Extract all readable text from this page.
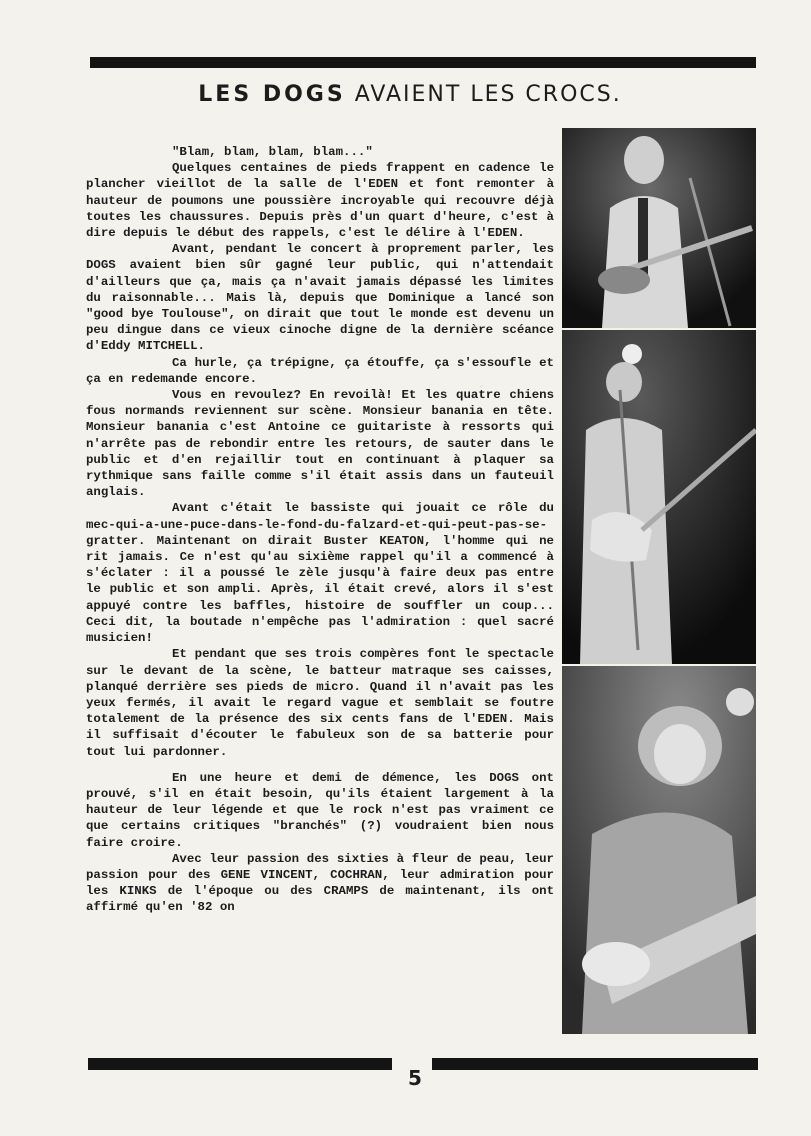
LES DOGS AVAIENT LES CROCS.

"Blam, blam, blam, blam..."

Quelques centaines de pieds frappent en cadence le plancher vieillot de la salle de l'EDEN et font remonter à hauteur de poumons une poussière incroyable qui recouvre déjà toutes les chaussures. Depuis près d'un quart d'heure, c'est à dire depuis le début des rappels, c'est le délire à l'EDEN.

Avant, pendant le concert à proprement parler, les DOGS avaient bien sûr gagné leur public, qui n'attendait d'ailleurs que ça, mais ça n'avait jamais dépassé les limites du raisonnable... Mais là, depuis que Dominique a lancé son "good bye Toulouse", on dirait que tout le monde est devenu un peu dingue dans ce vieux cinoche digne de la dernière scéance d'Eddy MITCHELL.

Ca hurle, ça trépigne, ça étouffe, ça s'essoufle et ça en redemande encore.

Vous en revoulez? En revoilà! Et les quatre chiens fous normands reviennent sur scène. Monsieur banania en tête. Monsieur banania c'est Antoine ce guitariste à ressorts qui n'arrête pas de rebondir entre les retours, de sauter dans le public et d'en rejaillir tout en continuant à plaquer sa rythmique sans faille comme s'il était assis dans un fauteuil anglais.

Avant c'était le bassiste qui jouait ce rôle du mec-qui-a-une-puce-dans-le-fond-du-falzard-et-qui-peut-pas-se-gratter. Maintenant on dirait Buster KEATON, l'homme qui ne rit jamais. Ce n'est qu'au sixième rappel qu'il a commencé à s'éclater : il a poussé le zèle jusqu'à faire deux pas entre le public et son ampli. Après, il était crevé, alors il s'est appuyé contre les baffles, histoire de souffler un coup... Ceci dit, la boutade n'empêche pas l'admiration : quel sacré musicien!

Et pendant que ses trois compères font le spectacle sur le devant de la scène, le batteur matraque ses caisses, planqué derrière ses pieds de micro. Quand il n'avait pas les yeux fermés, il avait le regard vague et semblait se foutre totalement de la présence des six cents fans de l'EDEN. Mais il suffisait d'écouter le fabuleux son de sa batterie pour tout lui pardonner.

En une heure et demi de démence, les DOGS ont prouvé, s'il en était besoin, qu'ils étaient largement à la hauteur de leur légende et que le rock n'est pas vraiment ce que certains critiques "branchés" (?) voudraient bien nous faire croire.

Avec leur passion des sixties à fleur de peau, leur passion pour des GENE VINCENT, COCHRAN, leur admiration pour les KINKS de l'époque ou des CRAMPS de maintenant, ils ont affirmé qu'en '82 on

5
